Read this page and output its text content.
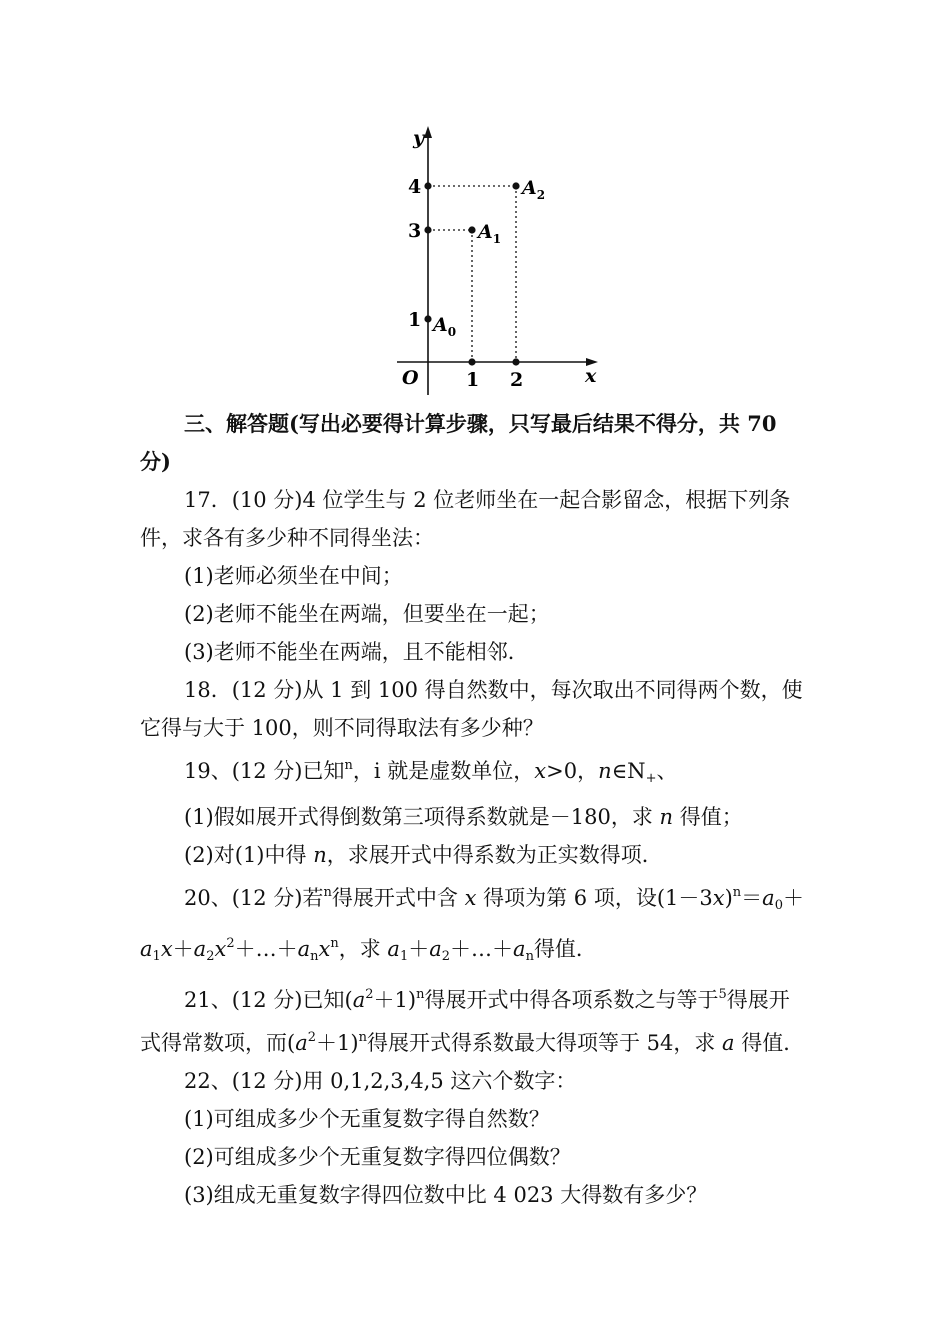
y
x
O
4
3
1
1 2
$A_0$
$A_1$
$A_2$

三、解答题(写出必要得计算步骤，只写最后结果不得分，共 70
分)

17．(10 分)4 位学生与 2 位老师坐在一起合影留念，根据下列条
件，求各有多少种不同得坐法：

(1)老师必须坐在中间；

(2)老师不能坐在两端，但要坐在一起；

(3)老师不能坐在两端，且不能相邻．

18．(12 分)从 1 到 100 得自然数中，每次取出不同得两个数，使
它得与大于 100，则不同得取法有多少种？

19、(12 分)已知$^n$，i 就是虚数单位，x>0，$n\in N_+$、

(1)假如展开式得倒数第三项得系数就是－180，求 n 得值；

(2)对(1)中得 n，求展开式中得系数为正实数得项．

20、(12 分)若$^n$得展开式中含 x 得项为第 6 项，设$(1-3x)^n=a_0+$
$a_1x+a_2x^2+\dots+a_nx^n$，求 $a_1+a_2+\dots+a_n$得值．

21、(12 分)已知$(a^2+1)^n$得展开式中得各项系数之与等于$^5$得展开
式得常数项，而$(a^2+1)^n$得展开式得系数最大得项等于 54，求 a 得值．

22、(12 分)用 0,1,2,3,4,5 这六个数字：

(1)可组成多少个无重复数字得自然数？

(2)可组成多少个无重复数字得四位偶数？

(3)组成无重复数字得四位数中比 4 023 大得数有多少？
